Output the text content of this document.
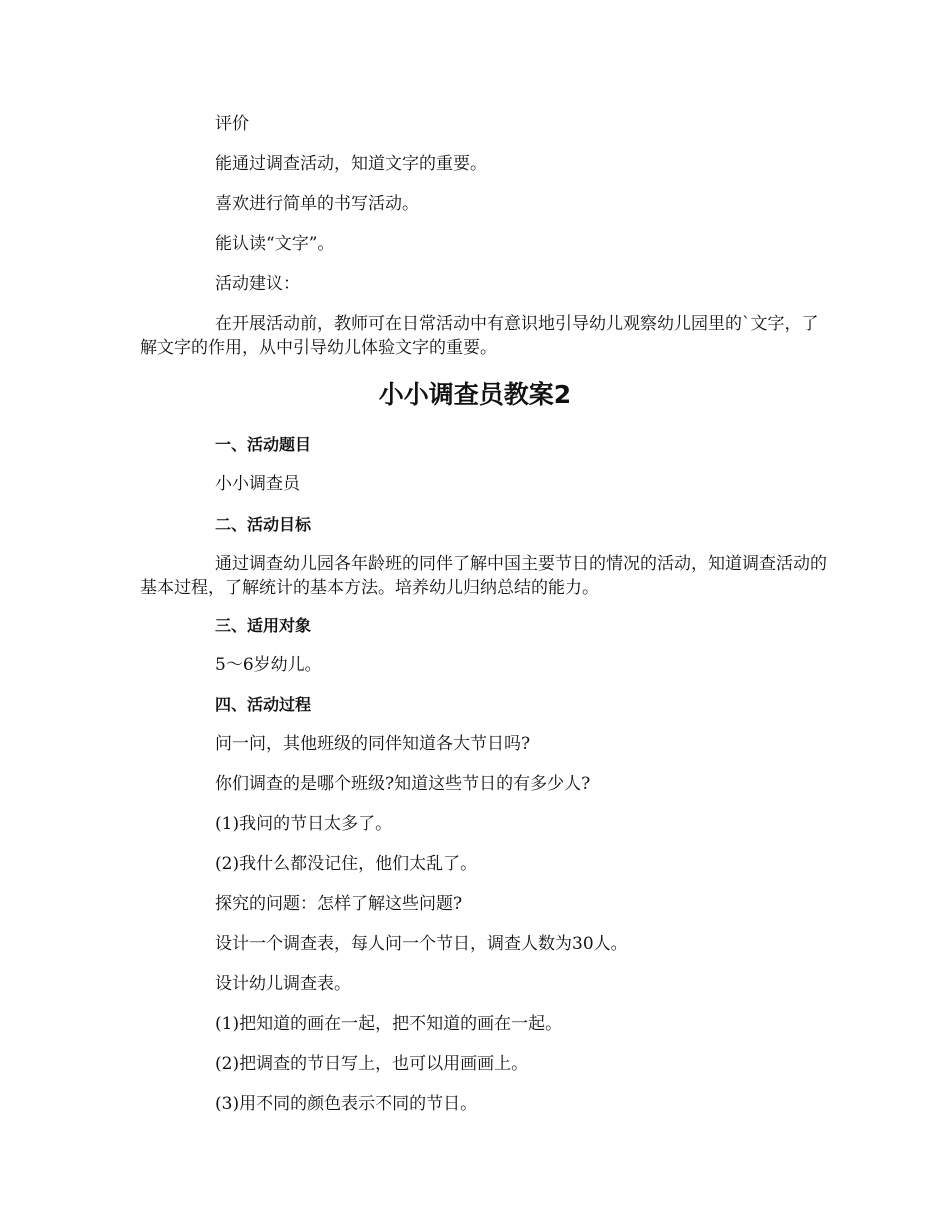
评价
能通过调查活动，知道文字的重要。
喜欢进行简单的书写活动。
能认读“文字”。
活动建议：
在开展活动前，教师可在日常活动中有意识地引导幼儿观察幼儿园里的`文字，了解文字的作用，从中引导幼儿体验文字的重要。
小小调查员教案2
一、活动题目
小小调查员
二、活动目标
通过调查幼儿园各年龄班的同伴了解中国主要节日的情况的活动，知道调查活动的基本过程，了解统计的基本方法。培养幼儿归纳总结的能力。
三、适用对象
5～6岁幼儿。
四、活动过程
问一问，其他班级的同伴知道各大节日吗?
你们调查的是哪个班级?知道这些节日的有多少人?
(1)我问的节日太多了。
(2)我什么都没记住，他们太乱了。
探究的问题：怎样了解这些问题?
设计一个调查表，每人问一个节日，调查人数为30人。
设计幼儿调查表。
(1)把知道的画在一起，把不知道的画在一起。
(2)把调查的节日写上，也可以用画画上。
(3)用不同的颜色表示不同的节日。
